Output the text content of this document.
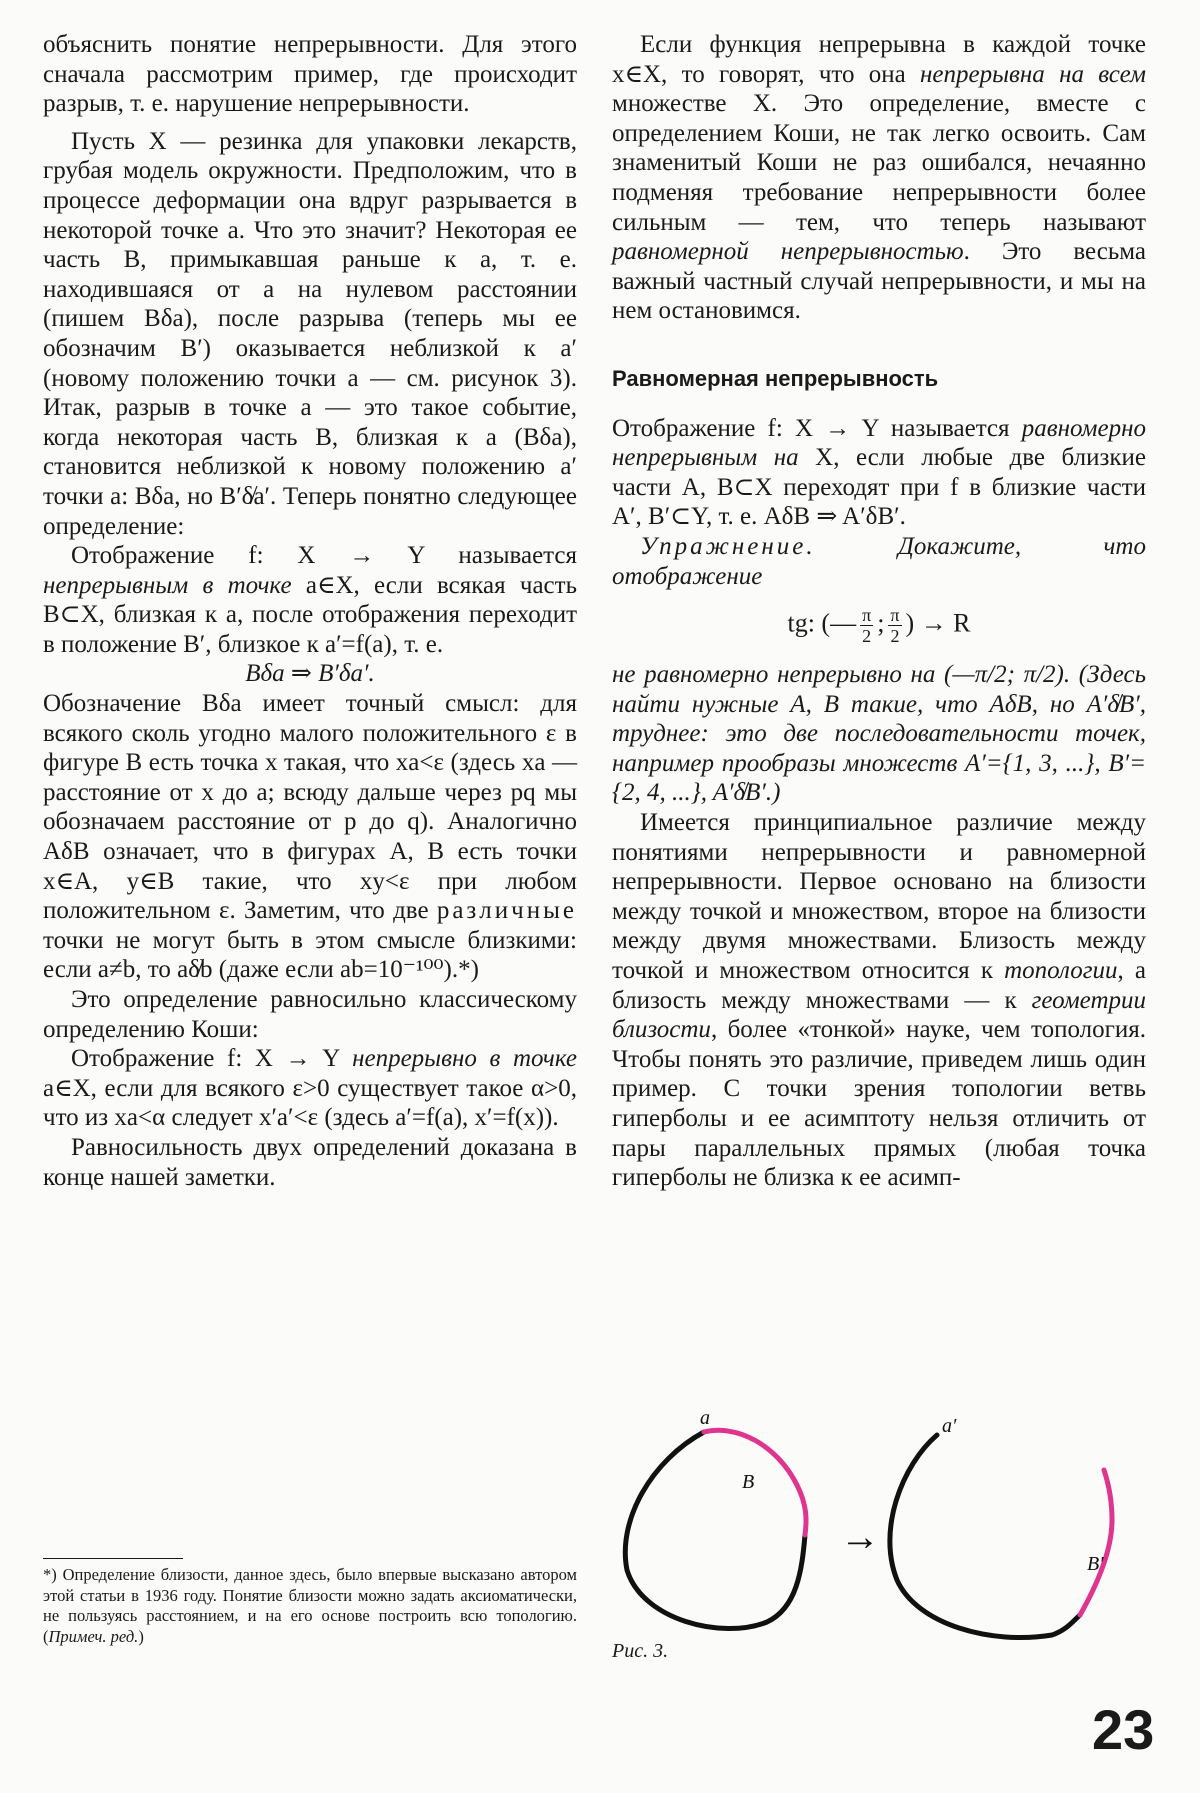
объяснить понятие непрерывности. Для этого сначала рассмотрим пример, где происходит разрыв, т. е. нарушение непрерывности.

Пусть X — резинка для упаковки лекарств, грубая модель окружности. Предположим, что в процессе деформации она вдруг разрывается в некоторой точке a. Что это значит? Некоторая ее часть B, примыкавшая раньше к a, т. е. находившаяся от a на нулевом расстоянии (пишем Bδa), после разрыва (теперь мы ее обозначим B′) оказывается неблизкой к a′ (новому положению точки a — см. рисунок 3). Итак, разрыв в точке a — это такое событие, когда некоторая часть B, близкая к a (Bδa), становится неблизкой к новому положению a′ точки a: Bδa, но B′δ̸a′. Теперь понятно следующее определение:

Отображение f: X → Y называется непрерывным в точке a∈X, если всякая часть B⊂X, близкая к a, после отображения переходит в положение B′, близкое к a′=f(a), т. е.

Bδa ⇒ B′δa′.

Обозначение Bδa имеет точный смысл: для всякого сколь угодно малого положительного ε в фигуре B есть точка x такая, что xa<ε (здесь xa — расстояние от x до a; всюду дальше через pq мы обозначаем расстояние от p до q). Аналогично AδB означает, что в фигурах A, B есть точки x∈A, y∈B такие, что xy<ε при любом положительном ε. Заметим, что две различные точки не могут быть в этом смысле близкими: если a≠b, то aδ̸b (даже если ab=10⁻¹⁰⁰).*)

Это определение равносильно классическому определению Коши:

Отображение f: X → Y непрерывно в точке a∈X, если для всякого ε>0 существует такое α>0, что из xa<α следует x′a′<ε (здесь a′=f(a), x′=f(x)).

Равносильность двух определений доказана в конце нашей заметки.

*) Определение близости, данное здесь, было впервые высказано автором этой статьи в 1936 году. Понятие близости можно задать аксиоматически, не пользуясь расстоянием, и на его основе построить всю топологию. (Примеч. ред.)

Если функция непрерывна в каждой точке x∈X, то говорят, что она непрерывна на всем множестве X. Это определение, вместе с определением Коши, не так легко освоить. Сам знаменитый Коши не раз ошибался, нечаянно подменяя требование непрерывности более сильным — тем, что теперь называют равномерной непрерывностью. Это весьма важный частный случай непрерывности, и мы на нем остановимся.

Равномерная непрерывность

Отображение f: X → Y называется равномерно непрерывным на X, если любые две близкие части A, B⊂X переходят при f в близкие части A′, B′⊂Y, т. е. AδB ⇒ A′δB′.

Упражнение. Докажите, что отображение

tg: (— $\frac{\pi}{2}$ ; $\frac{\pi}{2}$ ) → R

не равномерно непрерывно на (—π/2; π/2). (Здесь найти нужные A, B такие, что AδB, но A′δ̸B′, труднее: это две последовательности точек, например прообразы множеств A′={1, 3, ...}, B′={2, 4, ...}, A′δ̸B′.)

Имеется принципиальное различие между понятиями непрерывности и равномерной непрерывности. Первое основано на близости между точкой и множеством, второе на близости между двумя множествами. Близость между точкой и множеством относится к топологии, а близость между множествами — к геометрии близости, более «тонкой» науке, чем топология. Чтобы понять это различие, приведем лишь один пример. С точки зрения топологии ветвь гиперболы и ее асимптоту нельзя отличить от пары параллельных прямых (любая точка гиперболы не близка к ее асимп-

a
B
→
a′
B′
Рис. 3.
23
